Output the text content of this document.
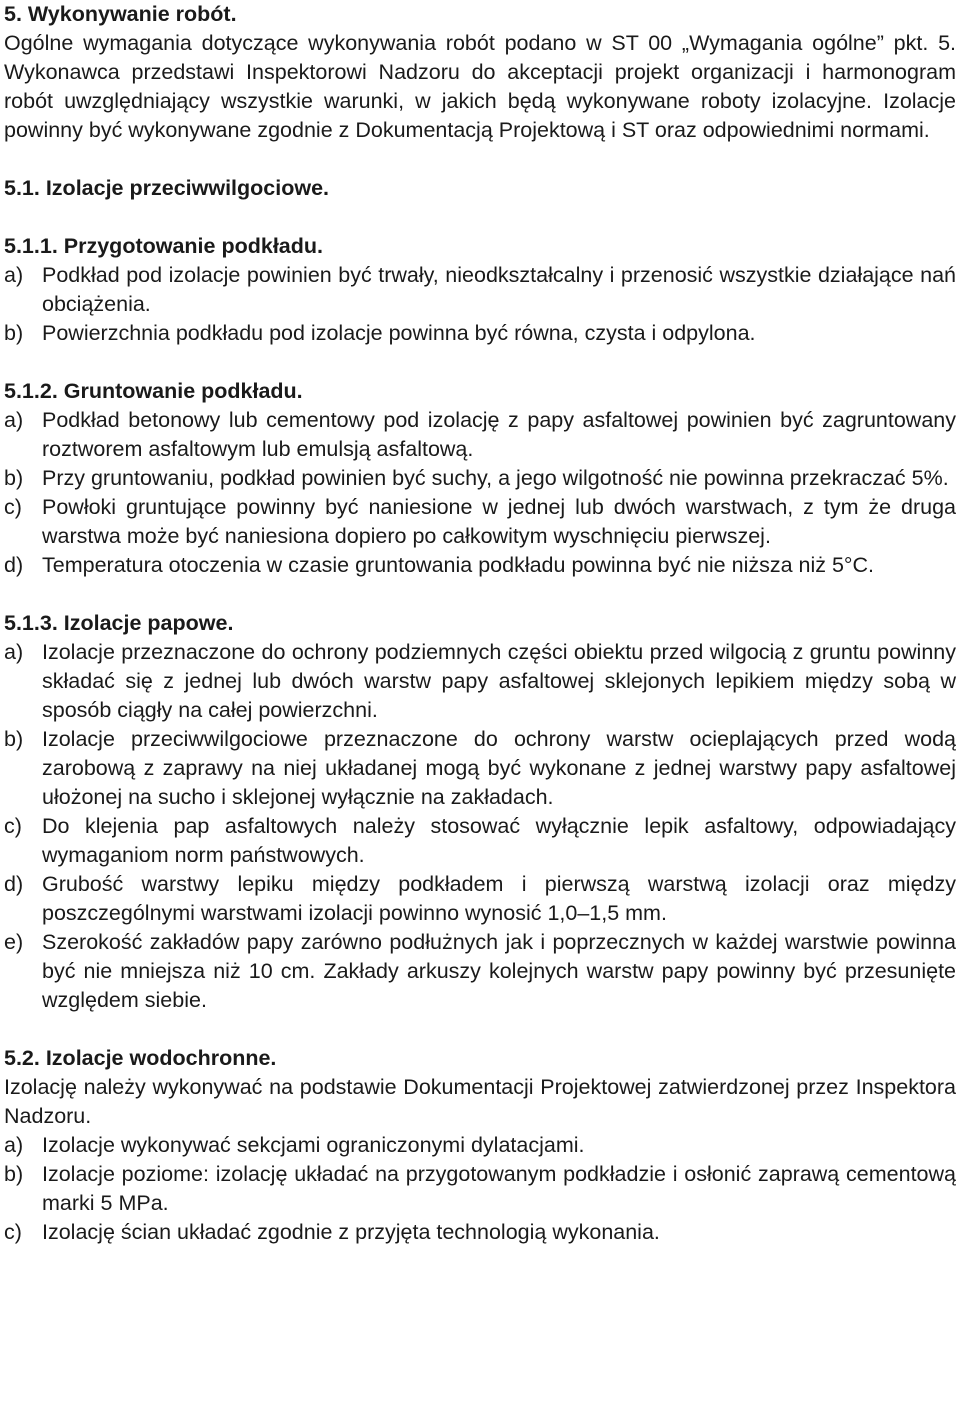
5. Wykonywanie robót.

Ogólne wymagania dotyczące wykonywania robót podano w ST 00 „Wymagania ogólne” pkt. 5. Wykonawca przedstawi Inspektorowi Nadzoru do akceptacji projekt organizacji i harmonogram robót uwzględniający wszystkie warunki, w jakich będą wykonywane roboty izolacyjne. Izolacje powinny być wykonywane zgodnie z Dokumentacją Projektową i ST oraz odpowiednimi normami.

5.1. Izolacje przeciwwilgociowe.

5.1.1. Przygotowanie podkładu.

a) Podkład pod izolacje powinien być trwały, nieodkształcalny i przenosić wszystkie działające nań obciążenia.
b) Powierzchnia podkładu pod izolacje powinna być równa, czysta i odpylona.

5.1.2. Gruntowanie podkładu.

a) Podkład betonowy lub cementowy pod izolację z papy asfaltowej powinien być zagruntowany roztworem asfaltowym lub emulsją asfaltową.
b) Przy gruntowaniu, podkład powinien być suchy, a jego wilgotność nie powinna przekraczać 5%.
c) Powłoki gruntujące powinny być naniesione w jednej lub dwóch warstwach, z tym że druga warstwa może być naniesiona dopiero po całkowitym wyschnięciu pierwszej.
d) Temperatura otoczenia w czasie gruntowania podkładu powinna być nie niższa niż 5°C.

5.1.3. Izolacje papowe.

a) Izolacje przeznaczone do ochrony podziemnych części obiektu przed wilgocią z gruntu powinny składać się z jednej lub dwóch warstw papy asfaltowej sklejonych lepikiem między sobą w sposób ciągły na całej powierzchni.
b) Izolacje przeciwwilgociowe przeznaczone do ochrony warstw ocieplających przed wodą zarobową z zaprawy na niej układanej mogą być wykonane z jednej warstwy papy asfaltowej ułożonej na sucho i sklejonej wyłącznie na zakładach.
c) Do klejenia pap asfaltowych należy stosować wyłącznie lepik asfaltowy, odpowiadający wymaganiom norm państwowych.
d) Grubość warstwy lepiku między podkładem i pierwszą warstwą izolacji oraz między poszczególnymi warstwami izolacji powinno wynosić 1,0–1,5 mm.
e) Szerokość zakładów papy zarówno podłużnych jak i poprzecznych w każdej warstwie powinna być nie mniejsza niż 10 cm. Zakłady arkuszy kolejnych warstw papy powinny być przesunięte względem siebie.

5.2. Izolacje wodochronne.

Izolację należy wykonywać na podstawie Dokumentacji Projektowej zatwierdzonej przez Inspektora Nadzoru.

a) Izolacje wykonywać sekcjami ograniczonymi dylatacjami.
b) Izolacje poziome: izolację układać na przygotowanym podkładzie i osłonić zaprawą cementową marki 5 MPa.
c) Izolację ścian układać zgodnie z przyjęta technologią wykonania.
